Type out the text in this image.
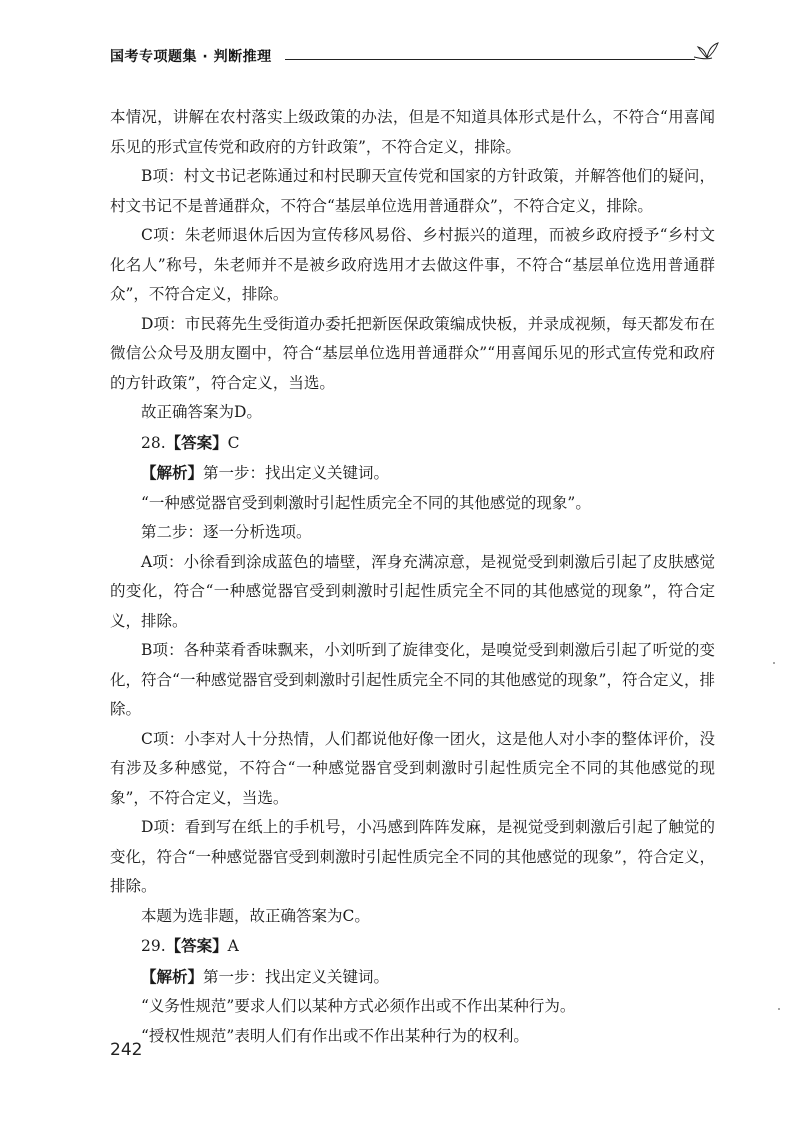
国考专项题集 · 判断推理

本情况，讲解在农村落实上级政策的办法，但是不知道具体形式是什么，不符合“用喜闻乐见的形式宣传党和政府的方针政策”，不符合定义，排除。

B项：村文书记老陈通过和村民聊天宣传党和国家的方针政策，并解答他们的疑问，村文书记不是普通群众，不符合“基层单位选用普通群众”，不符合定义，排除。

C项：朱老师退休后因为宣传移风易俗、乡村振兴的道理，而被乡政府授予“乡村文化名人”称号，朱老师并不是被乡政府选用才去做这件事，不符合“基层单位选用普通群众”，不符合定义，排除。

D项：市民蒋先生受街道办委托把新医保政策编成快板，并录成视频，每天都发布在微信公众号及朋友圈中，符合“基层单位选用普通群众”“用喜闻乐见的形式宣传党和政府的方针政策”，符合定义，当选。

故正确答案为D。

28.【答案】C

【解析】第一步：找出定义关键词。

“一种感觉器官受到刺激时引起性质完全不同的其他感觉的现象”。

第二步：逐一分析选项。

A项：小徐看到涂成蓝色的墙壁，浑身充满凉意，是视觉受到刺激后引起了皮肤感觉的变化，符合“一种感觉器官受到刺激时引起性质完全不同的其他感觉的现象”，符合定义，排除。

B项：各种菜肴香味飘来，小刘听到了旋律变化，是嗅觉受到刺激后引起了听觉的变化，符合“一种感觉器官受到刺激时引起性质完全不同的其他感觉的现象”，符合定义，排除。

C项：小李对人十分热情，人们都说他好像一团火，这是他人对小李的整体评价，没有涉及多种感觉，不符合“一种感觉器官受到刺激时引起性质完全不同的其他感觉的现象”，不符合定义，当选。

D项：看到写在纸上的手机号，小冯感到阵阵发麻，是视觉受到刺激后引起了触觉的变化，符合“一种感觉器官受到刺激时引起性质完全不同的其他感觉的现象”，符合定义，排除。

本题为选非题，故正确答案为C。

29.【答案】A

【解析】第一步：找出定义关键词。

“义务性规范”要求人们以某种方式必须作出或不作出某种行为。

“授权性规范”表明人们有作出或不作出某种行为的权利。

242
